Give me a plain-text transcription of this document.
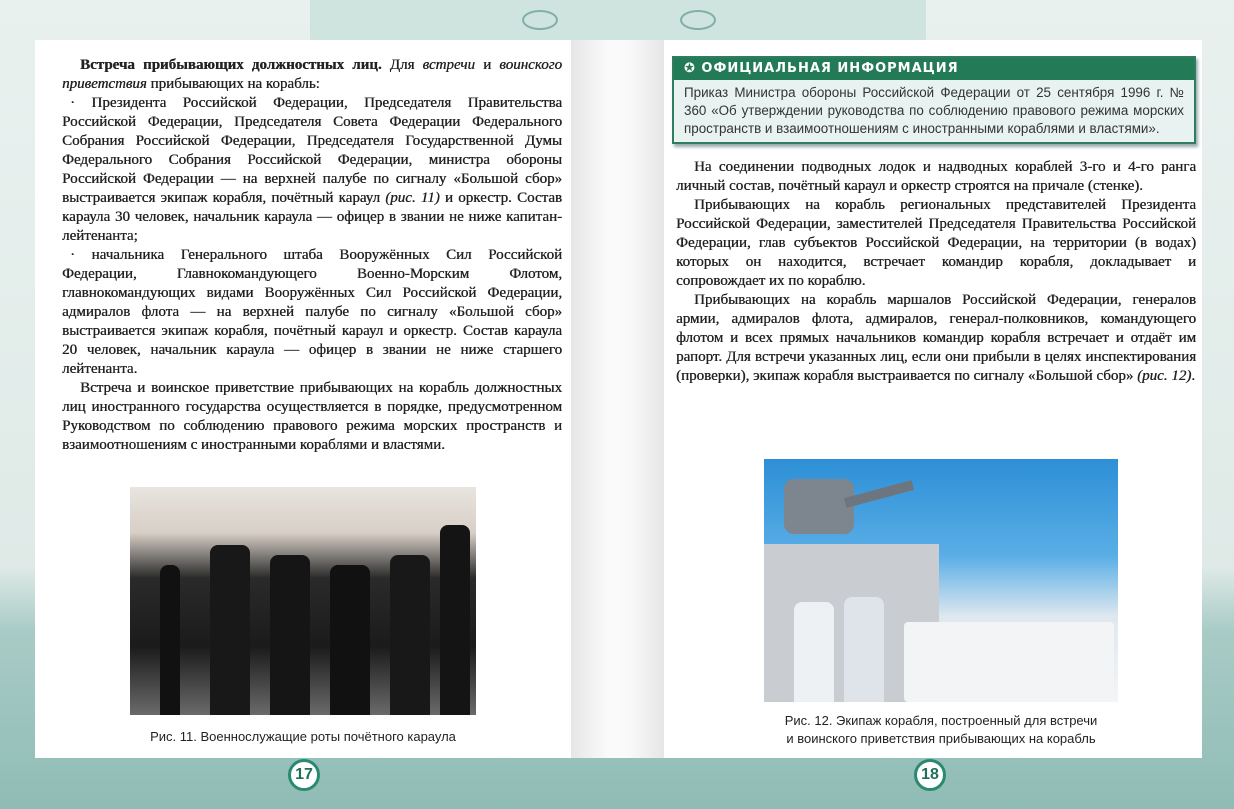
Встреча прибывающих должностных лиц. Для встречи и воинского приветствия прибывающих на корабль:

· Президента Российской Федерации, Председателя Правительства Российской Федерации, Председателя Совета Федерации Федерального Собрания Российской Федерации, Председателя Государственной Думы Федерального Собрания Российской Федерации, министра обороны Российской Федерации — на верхней палубе по сигналу «Большой сбор» выстраивается экипаж корабля, почётный караул (рис. 11) и оркестр. Состав караула 30 человек, начальник караула — офицер в звании не ниже капитан-лейтенанта;

· начальника Генерального штаба Вооружённых Сил Российской Федерации, Главнокомандующего Военно-Морским Флотом, главнокомандующих видами Вооружённых Сил Российской Федерации, адмиралов флота — на верхней палубе по сигналу «Большой сбор» выстраивается экипаж корабля, почётный караул и оркестр. Состав караула 20 человек, начальник караула — офицер в звании не ниже старшего лейтенанта.

Встреча и воинское приветствие прибывающих на корабль должностных лиц иностранного государства осуществляется в порядке, предусмотренном Руководством по соблюдению правового режима морских пространств и взаимоотношениям с иностранными кораблями и властями.

Рис. 11. Военнослужащие роты почётного караула
✪ ОФИЦИАЛЬНАЯ ИНФОРМАЦИЯ
Приказ Министра обороны Российской Федерации от 25 сентября 1996 г. № 360 «Об утверждении руководства по соблюдению правового режима морских пространств и взаимоотношениям с иностранными кораблями и властями».

На соединении подводных лодок и надводных кораблей 3-го и 4-го ранга личный состав, почётный караул и оркестр строятся на причале (стенке).

Прибывающих на корабль региональных представителей Президента Российской Федерации, заместителей Председателя Правительства Российской Федерации, глав субъектов Российской Федерации, на территории (в водах) которых он находится, встречает командир корабля, докладывает и сопровождает их по кораблю.

Прибывающих на корабль маршалов Российской Федерации, генералов армии, адмиралов флота, адмиралов, генерал-полковников, командующего флотом и всех прямых начальников командир корабля встречает и отдаёт им рапорт. Для встречи указанных лиц, если они прибыли в целях инспектирования (проверки), экипаж корабля выстраивается по сигналу «Большой сбор» (рис. 12).

Рис. 12. Экипаж корабля, построенный для встречи
и воинского приветствия прибывающих на корабль
17	18
